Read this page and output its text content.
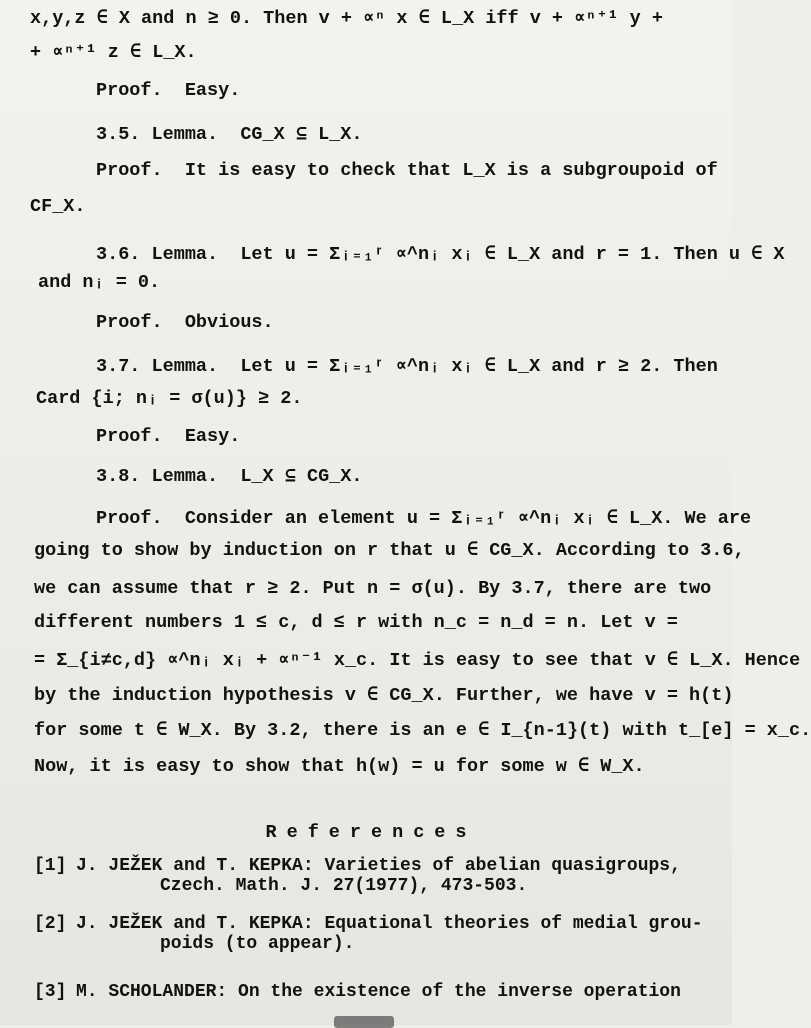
x,y,z ∈ X and n ≥ 0. Then v + ∝ⁿ x ∈ L_X iff v + ∝ⁿ⁺¹ y +
+ ∝ⁿ⁺¹ z ∈ L_X.
Proof.  Easy.
3.5. Lemma.  CG_X ⊆ L_X.
Proof.  It is easy to check that L_X is a subgroupoid of
CF_X.
3.6. Lemma.  Let u = Σᵢ₌₁ʳ ∝^nᵢ xᵢ ∈ L_X and r = 1. Then u ∈ X
and nᵢ = 0.
Proof.  Obvious.
3.7. Lemma.  Let u = Σᵢ₌₁ʳ ∝^nᵢ xᵢ ∈ L_X and r ≥ 2. Then
Card {i; nᵢ = σ(u)} ≥ 2.
Proof.  Easy.
3.8. Lemma.  L_X ⊆ CG_X.
Proof.  Consider an element u = Σᵢ₌₁ʳ ∝^nᵢ xᵢ ∈ L_X. We are
going to show by induction on r that u ∈ CG_X. According to 3.6,
we can assume that r ≥ 2. Put n = σ(u). By 3.7, there are two
different numbers 1 ≤ c, d ≤ r with n_c = n_d = n. Let v =
= Σ_{i≠c,d} ∝^nᵢ xᵢ + ∝ⁿ⁻¹ x_c. It is easy to see that v ∈ L_X. Hence
by the induction hypothesis v ∈ CG_X. Further, we have v = h(t)
for some t ∈ W_X. By 3.2, there is an e ∈ I_{n-1}(t) with t_[e] = x_c.
Now, it is easy to show that h(w) = u for some w ∈ W_X.
References
[1] J. JEŽEK and T. KEPKA: Varieties of abelian quasigroups,
Czech. Math. J. 27(1977), 473-503.
[2] J. JEŽEK and T. KEPKA: Equational theories of medial grou-
poids (to appear).
[3] M. SCHOLANDER: On the existence of the inverse operation
